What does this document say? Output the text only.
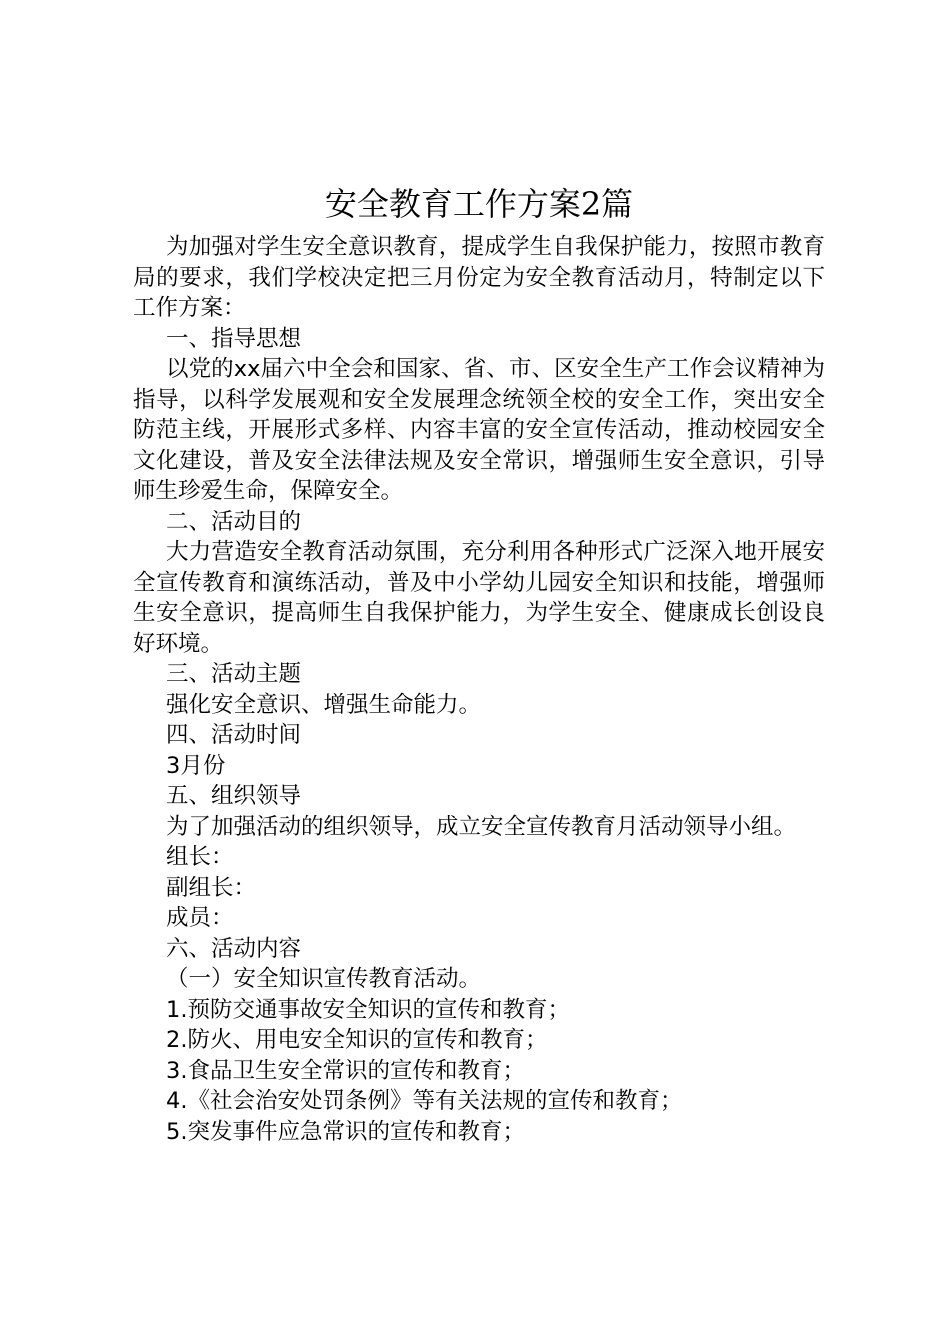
安全教育工作方案2篇

为加强对学生安全意识教育，提成学生自我保护能力，按照市教育局的要求，我们学校决定把三月份定为安全教育活动月，特制定以下工作方案：

一、指导思想

以党的xx届六中全会和国家、省、市、区安全生产工作会议精神为指导，以科学发展观和安全发展理念统领全校的安全工作，突出安全防范主线，开展形式多样、内容丰富的安全宣传活动，推动校园安全文化建设，普及安全法律法规及安全常识，增强师生安全意识，引导师生珍爱生命，保障安全。

二、活动目的

大力营造安全教育活动氛围，充分利用各种形式广泛深入地开展安全宣传教育和演练活动，普及中小学幼儿园安全知识和技能，增强师生安全意识，提高师生自我保护能力，为学生安全、健康成长创设良好环境。

三、活动主题

强化安全意识、增强生命能力。

四、活动时间

3月份

五、组织领导

为了加强活动的组织领导，成立安全宣传教育月活动领导小组。

组长：

副组长：

成员：

六、活动内容

（一）安全知识宣传教育活动。

1.预防交通事故安全知识的宣传和教育；

2.防火、用电安全知识的宣传和教育；

3.食品卫生安全常识的宣传和教育；

4.《社会治安处罚条例》等有关法规的宣传和教育；

5.突发事件应急常识的宣传和教育；
